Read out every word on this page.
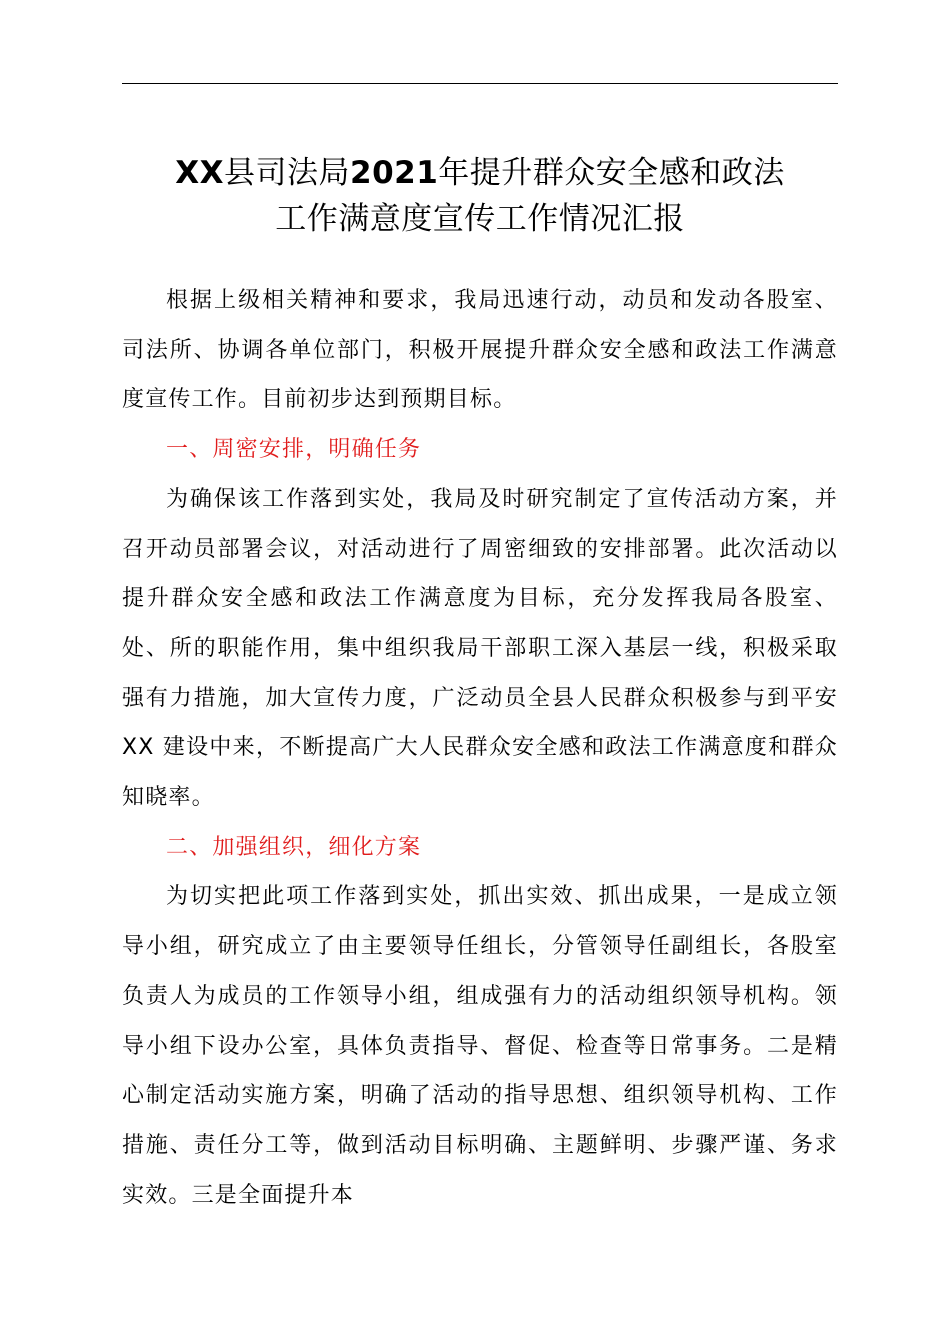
XX县司法局2021年提升群众安全感和政法
工作满意度宣传工作情况汇报

根据上级相关精神和要求，我局迅速行动，动员和发动各股室、司法所、协调各单位部门，积极开展提升群众安全感和政法工作满意度宣传工作。目前初步达到预期目标。

一、周密安排，明确任务

为确保该工作落到实处，我局及时研究制定了宣传活动方案，并召开动员部署会议，对活动进行了周密细致的安排部署。此次活动以提升群众安全感和政法工作满意度为目标，充分发挥我局各股室、处、所的职能作用，集中组织我局干部职工深入基层一线，积极采取强有力措施，加大宣传力度，广泛动员全县人民群众积极参与到平安 XX 建设中来，不断提高广大人民群众安全感和政法工作满意度和群众知晓率。

二、加强组织，细化方案

为切实把此项工作落到实处，抓出实效、抓出成果，一是成立领导小组，研究成立了由主要领导任组长，分管领导任副组长，各股室负责人为成员的工作领导小组，组成强有力的活动组织领导机构。领导小组下设办公室，具体负责指导、督促、检查等日常事务。二是精心制定活动实施方案，明确了活动的指导思想、组织领导机构、工作措施、责任分工等，做到活动目标明确、主题鲜明、步骤严谨、务求实效。三是全面提升本
